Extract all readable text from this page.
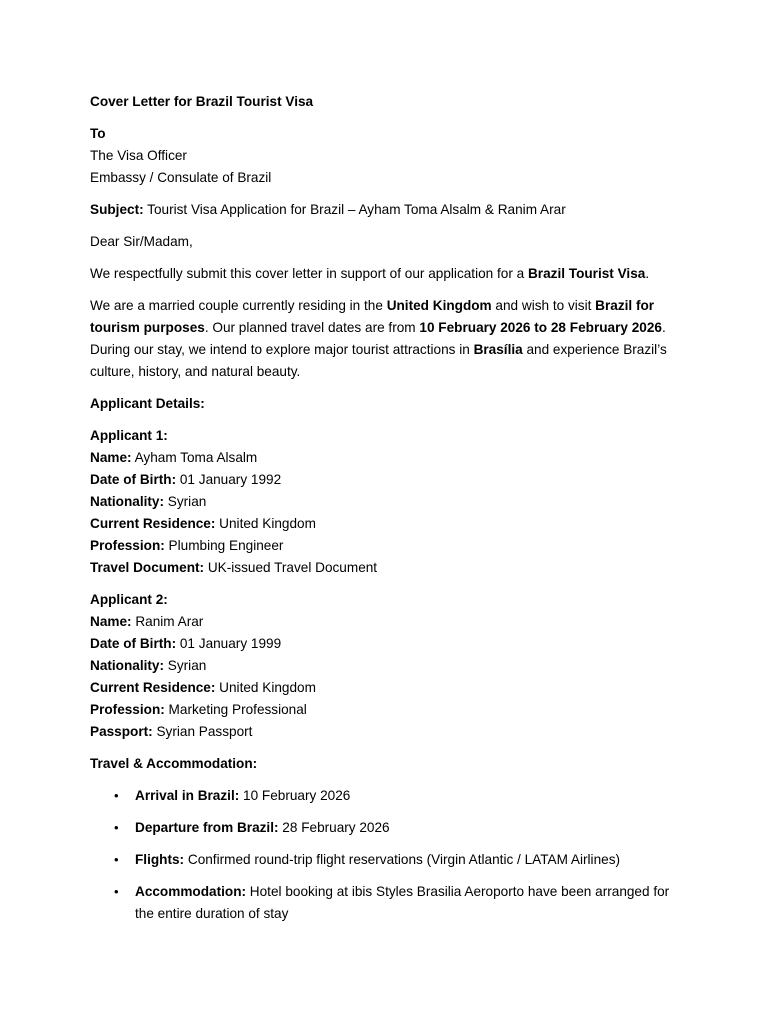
Cover Letter for Brazil Tourist Visa

To

The Visa Officer

Embassy / Consulate of Brazil

Subject: Tourist Visa Application for Brazil – Ayham Toma Alsalm & Ranim Arar

Dear Sir/Madam,

We respectfully submit this cover letter in support of our application for a Brazil Tourist Visa.

We are a married couple currently residing in the United Kingdom and wish to visit Brazil for tourism purposes. Our planned travel dates are from 10 February 2026 to 28 February 2026. During our stay, we intend to explore major tourist attractions in Brasília and experience Brazil’s culture, history, and natural beauty.

Applicant Details:

Applicant 1:

Name: Ayham Toma Alsalm

Date of Birth: 01 January 1992

Nationality: Syrian

Current Residence: United Kingdom

Profession: Plumbing Engineer

Travel Document: UK-issued Travel Document

Applicant 2:

Name: Ranim Arar

Date of Birth: 01 January 1999

Nationality: Syrian

Current Residence: United Kingdom

Profession: Marketing Professional

Passport: Syrian Passport

Travel & Accommodation:

• Arrival in Brazil: 10 February 2026
• Departure from Brazil: 28 February 2026
• Flights: Confirmed round-trip flight reservations (Virgin Atlantic / LATAM Airlines)
• Accommodation: Hotel booking at ibis Styles Brasilia Aeroporto have been arranged for the entire duration of stay
